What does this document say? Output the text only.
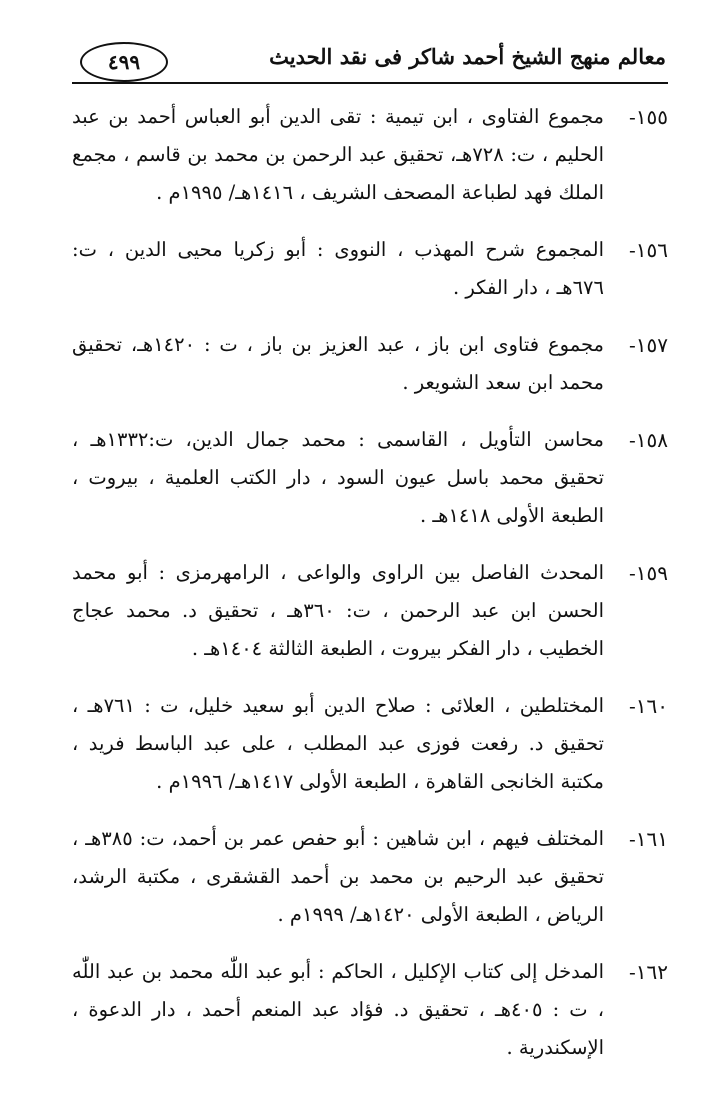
معالم منهج الشيخ أحمد شاكر فى نقد الحديث
٤٩٩
١٥٥-
مجموع الفتاوى ، ابن تيمية : تقى الدين أبو العباس أحمد بن عبد الحليم ، ت: ٧٢٨هـ، تحقيق عبد الرحمن بن محمد بن قاسم ، مجمع الملك فهد لطباعة المصحف الشريف ، ١٤١٦هـ/ ١٩٩٥م .
١٥٦-
المجموع شرح المهذب ، النووى : أبو زكريا محيى الدين ، ت: ٦٧٦هـ ، دار الفكر .
١٥٧-
مجموع فتاوى ابن باز ، عبد العزيز بن باز ، ت : ١٤٢٠هـ، تحقيق محمد ابن سعد الشويعر .
١٥٨-
محاسن التأويل ، القاسمى : محمد جمال الدين، ت:١٣٣٢هـ ، تحقيق محمد باسل عيون السود ، دار الكتب العلمية ، بيروت ، الطبعة الأولى ١٤١٨هـ .
١٥٩-
المحدث الفاصل بين الراوى والواعى ، الرامهرمزى : أبو محمد الحسن ابن عبد الرحمن ، ت: ٣٦٠هـ ، تحقيق د. محمد عجاج الخطيب ، دار الفكر بيروت ، الطبعة الثالثة ١٤٠٤هـ .
١٦٠-
المختلطين ، العلائى : صلاح الدين أبو سعيد خليل، ت : ٧٦١هـ ، تحقيق د. رفعت فوزى عبد المطلب ، على عبد الباسط فريد ، مكتبة الخانجى القاهرة ، الطبعة الأولى ١٤١٧هـ/ ١٩٩٦م .
١٦١-
المختلف فيهم ، ابن شاهين : أبو حفص عمر بن أحمد، ت: ٣٨٥هـ ، تحقيق عبد الرحيم بن محمد بن أحمد القشقرى ، مكتبة الرشد، الرياض ، الطبعة الأولى ١٤٢٠هـ/ ١٩٩٩م .
١٦٢-
المدخل إلى كتاب الإكليل ، الحاكم : أبو عبد اللّٰه محمد بن عبد اللّٰه ، ت : ٤٠٥هـ ، تحقيق د. فؤاد عبد المنعم أحمد ، دار الدعوة ، الإسكندرية .
